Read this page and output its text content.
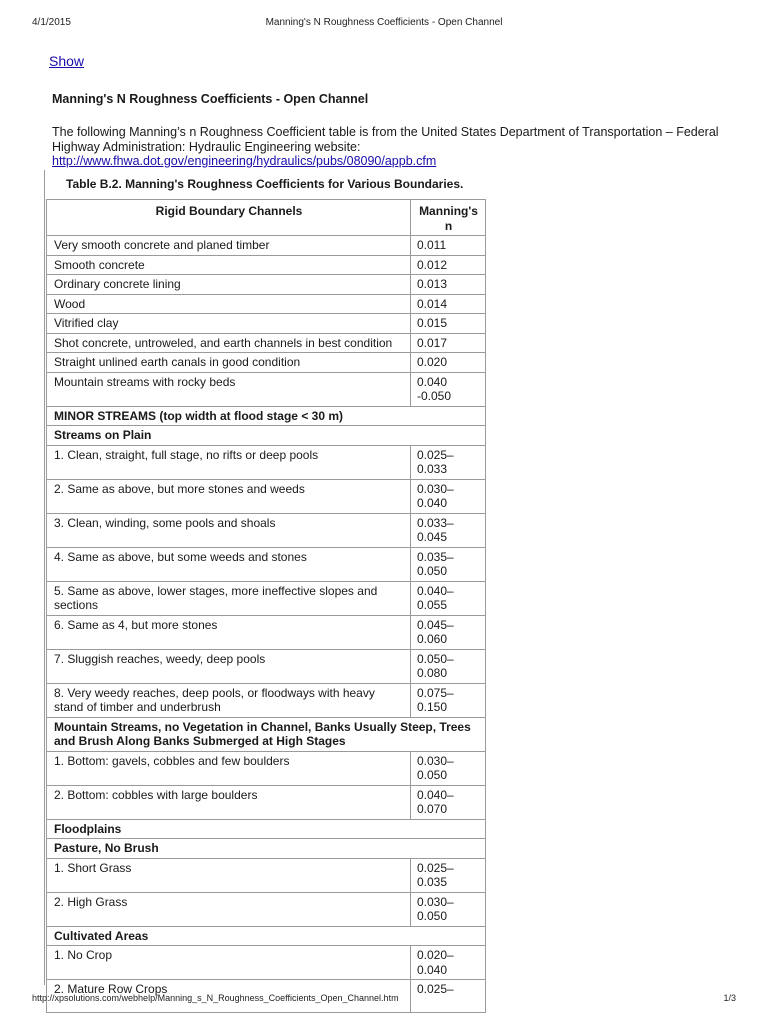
4/1/2015	Manning's N Roughness Coefficients - Open Channel
Show
Manning's N Roughness Coefficients - Open Channel
The following Manning’s n Roughness Coefficient table is from the United States Department of Transportation – Federal Highway Administration: Hydraulic Engineering website:
http://www.fhwa.dot.gov/engineering/hydraulics/pubs/08090/appb.cfm
Table B.2. Manning's Roughness Coefficients for Various Boundaries.
Rigid Boundary Channels	Manning's n
Very smooth concrete and planed timber	0.011
Smooth concrete	0.012
Ordinary concrete lining	0.013
Wood	0.014
Vitrified clay	0.015
Shot concrete, untroweled, and earth channels in best condition	0.017
Straight unlined earth canals in good condition	0.020
Mountain streams with rocky beds	0.040 -0.050
MINOR STREAMS (top width at flood stage < 30 m)	
Streams on Plain	
1. Clean, straight, full stage, no rifts or deep pools	0.025–0.033
2. Same as above, but more stones and weeds	0.030–0.040
3. Clean, winding, some pools and shoals	0.033–0.045
4. Same as above, but some weeds and stones	0.035–0.050
5. Same as above, lower stages, more ineffective slopes and sections	0.040–0.055
6. Same as 4, but more stones	0.045–0.060
7. Sluggish reaches, weedy, deep pools	0.050–0.080
8. Very weedy reaches, deep pools, or floodways with heavy stand of timber and underbrush	0.075–0.150
Mountain Streams, no Vegetation in Channel, Banks Usually Steep, Trees and Brush Along Banks Submerged at High Stages	
1. Bottom: gavels, cobbles and few boulders	0.030–0.050
2. Bottom: cobbles with large boulders	0.040–0.070
Floodplains	
Pasture, No Brush	
1. Short Grass	0.025–0.035
2. High Grass	0.030–0.050
Cultivated Areas	
1. No Crop	0.020–0.040
2. Mature Row Crops	0.025–
http://xpsolutions.com/webhelp/Manning_s_N_Roughness_Coefficients_Open_Channel.htm	1/3
